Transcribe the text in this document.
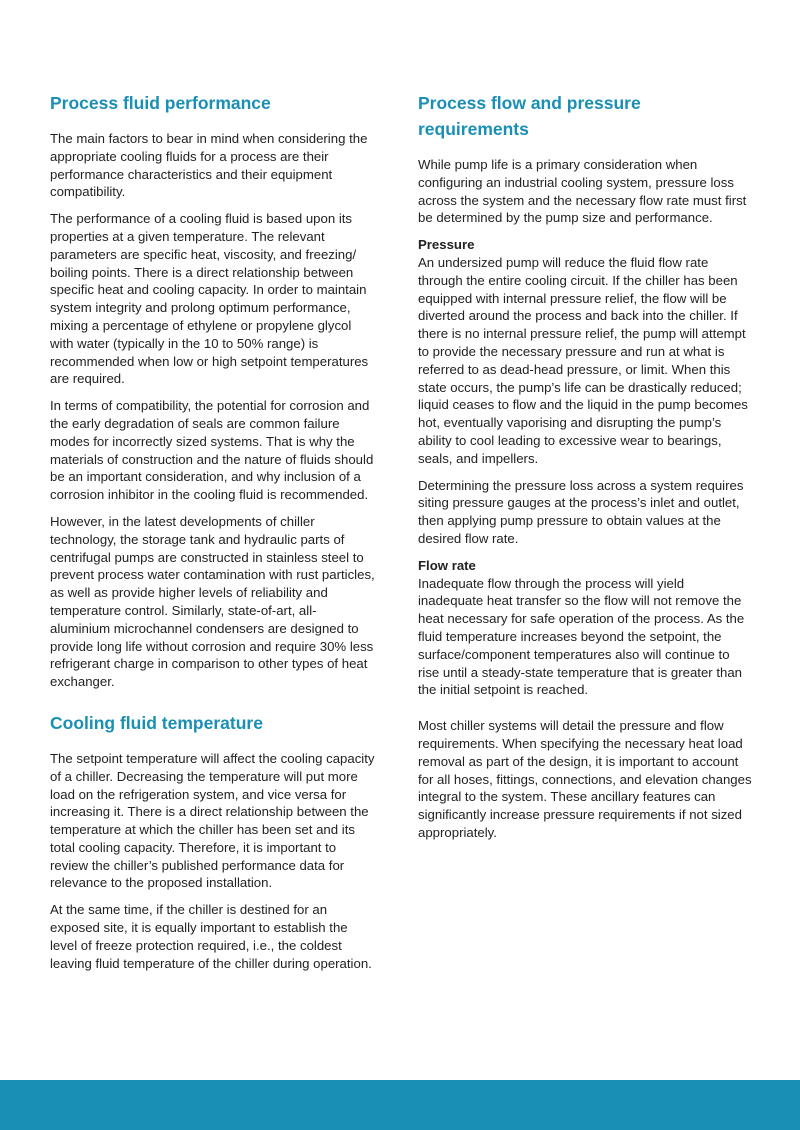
Process fluid performance

The main factors to bear in mind when considering the appropriate cooling fluids for a process are their performance characteristics and their equipment compatibility.

The performance of a cooling fluid is based upon its properties at a given temperature. The relevant parameters are specific heat, viscosity, and freezing/ boiling points. There is a direct relationship between specific heat and cooling capacity. In order to maintain system integrity and prolong optimum performance, mixing a percentage of ethylene or propylene glycol with water (typically in the 10 to 50% range) is recommended when low or high setpoint temperatures are required.

In terms of compatibility, the potential for corrosion and the early degradation of seals are common failure modes for incorrectly sized systems. That is why the materials of construction and the nature of fluids should be an important consideration, and why inclusion of a corrosion inhibitor in the cooling fluid is recommended.

However, in the latest developments of chiller technology, the storage tank and hydraulic parts of centrifugal pumps are constructed in stainless steel to prevent process water contamination with rust particles, as well as provide higher levels of reliability and temperature control. Similarly, state-of-art, all-aluminium microchannel condensers are designed to provide long life without corrosion and require 30% less refrigerant charge in comparison to other types of heat exchanger.

Cooling fluid temperature

The setpoint temperature will affect the cooling capacity of a chiller. Decreasing the temperature will put more load on the refrigeration system, and vice versa for increasing it. There is a direct relationship between the temperature at which the chiller has been set and its total cooling capacity. Therefore, it is important to review the chiller’s published performance data for relevance to the proposed installation.

At the same time, if the chiller is destined for an exposed site, it is equally important to establish the level of freeze protection required, i.e., the coldest leaving fluid temperature of the chiller during operation.

Process flow and pressure requirements

While pump life is a primary consideration when configuring an industrial cooling system, pressure loss across the system and the necessary flow rate must first be determined by the pump size and performance.

Pressure

An undersized pump will reduce the fluid flow rate through the entire cooling circuit. If the chiller has been equipped with internal pressure relief, the flow will be diverted around the process and back into the chiller. If there is no internal pressure relief, the pump will attempt to provide the necessary pressure and run at what is referred to as dead-head pressure, or limit. When this state occurs, the pump’s life can be drastically reduced; liquid ceases to flow and the liquid in the pump becomes hot, eventually vaporising and disrupting the pump’s ability to cool leading to excessive wear to bearings, seals, and impellers.

Determining the pressure loss across a system requires siting pressure gauges at the process’s inlet and outlet, then applying pump pressure to obtain values at the desired flow rate.

Flow rate

Inadequate flow through the process will yield inadequate heat transfer so the flow will not remove the heat necessary for safe operation of the process. As the fluid temperature increases beyond the setpoint, the surface/component temperatures also will continue to rise until a steady-state temperature that is greater than the initial setpoint is reached.

Most chiller systems will detail the pressure and flow requirements. When specifying the necessary heat load removal as part of the design, it is important to account for all hoses, fittings, connections, and elevation changes integral to the system. These ancillary features can significantly increase pressure requirements if not sized appropriately.
